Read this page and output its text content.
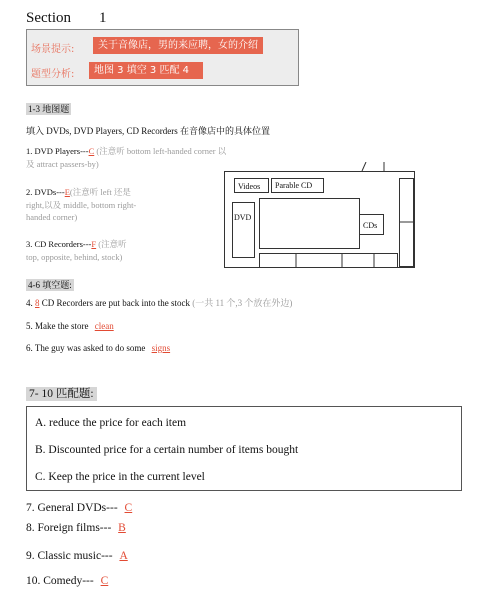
Section 1
场景提示:	关于音像店，男的来应聘，女的介绍
题型分析:	地图 3 填空 3 匹配 4
1-3 地图题
填入 DVDs, DVD Players, CD Recorders 在音像店中的具体位置
1. DVD Players---C (注意听 bottom left-handed corner 以
及 attract passers-by)
2. DVDs---E(注意听 left 还是
right,以及 middle, bottom right-
handed corner)
3. CD Recorders---F (注意听
top, opposite, behind, stock)
Videos Parable CD
DVD
CDs
4-6 填空题:
4. 8 CD Recorders are put back into the stock (一共 11 个,3 个放在外边)
5. Make the store clean
6. The guy was asked to do some signs
7- 10 匹配题:
A. reduce the price for each item
B. Discounted price for a certain number of items bought
C. Keep the price in the current level
7. General DVDs--- C
8. Foreign films--- B
9. Classic music--- A
10. Comedy--- C
